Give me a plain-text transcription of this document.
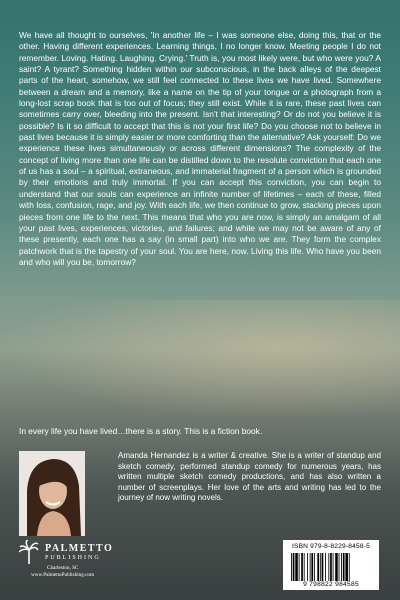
We have all thought to ourselves, 'In another life – I was someone else, doing this, that or the other. Having different experiences. Learning things, I no longer know. Meeting people I do not remember. Loving. Hating. Laughing. Crying.' Truth is, you most likely were, but who were you? A saint? A tyrant? Something hidden within our subconscious, in the back alleys of the deepest parts of the heart, somehow, we still feel connected to these lives we have lived. Somewhere between a dream and a memory, like a name on the tip of your tongue or a photograph from a long-lost scrap book that is too out of focus; they still exist. While it is rare, these past lives can sometimes carry over, bleeding into the present. Isn't that interesting? Or do not you believe it is possible? Is it so difficult to accept that this is not your first life? Do you choose not to believe in past lives because it is simply easier or more comforting than the alternative? Ask yourself: Do we experience these lives simultaneously or across different dimensions? The complexity of the concept of living more than one life can be distilled down to the resolute conviction that each one of us has a soul – a spiritual, extraneous, and immaterial fragment of a person which is grounded by their emotions and truly immortal. If you can accept this conviction, you can begin to understand that our souls can experience an infinite number of lifetimes – each of these, filled with loss, confusion, rage, and joy. With each life, we then continue to grow, stacking pieces upon pieces from one life to the next. This means that who you are now, is simply an amalgam of all your past lives, experiences, victories, and failures; and while we may not be aware of any of these presently, each one has a say (in small part) into who we are. They form the complex patchwork that is the tapestry of your soul. You are here, now. Living this life. Who have you been and who will you be, tomorrow?

In every life you have lived…there is a story. This is a fiction book.

Amanda Hernandez is a writer & creative. She is a writer of standup and sketch comedy, performed standup comedy for numerous years, has written multiple sketch comedy productions, and has also written a number of screenplays. Her love of the arts and writing has led to the journey of now writing novels.

PALMETTO
PUBLISHING
Charleston, SC
www.PalmettoPublishing.com
ISBN 979-8-8229-8458-5
9 798822 984585
